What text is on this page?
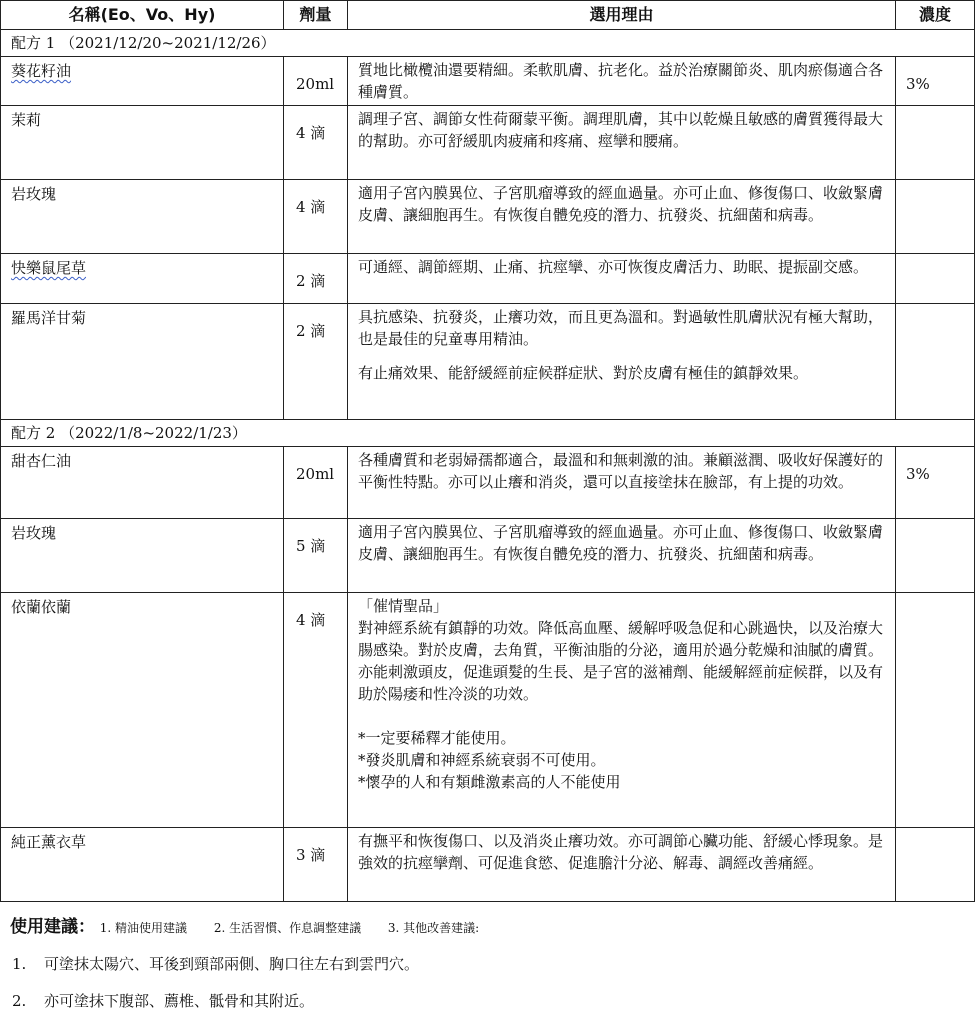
名稱(Eo、Vo、Hy)	劑量	選用理由	濃度
配方 1 （2021/12/20~2021/12/26）			
葵花籽油	20ml	質地比橄欖油還要精細。柔軟肌膚、抗老化。益於治療關節炎、肌肉瘀傷適合各種膚質。	3%
茉莉	4 滴	調理子宮、調節女性荷爾蒙平衡。調理肌膚，其中以乾燥且敏感的膚質獲得最大的幫助。亦可舒緩肌肉疲痛和疼痛、痙攣和腰痛。	

岩玫瑰	4 滴	適用子宮內膜異位、子宮肌瘤導致的經血過量。亦可止血、修復傷口、收斂緊膚皮膚、讓細胞再生。有恢復自體免疫的潛力、抗發炎、抗細菌和病毒。	

快樂鼠尾草	2 滴	可通經、調節經期、止痛、抗痙攣、亦可恢復皮膚活力、助眠、提振副交感。	

羅馬洋甘菊	2 滴	具抗感染、抗發炎，止癢功效，而且更為溫和。對過敏性肌膚狀況有極大幫助，也是最佳的兒童專用精油。
有止痛效果、能舒緩經前症候群症狀、對於皮膚有極佳的鎮靜效果。	

配方 2 （2022/1/8~2022/1/23）			
甜杏仁油	20ml	各種膚質和老弱婦孺都適合，最溫和和無刺激的油。兼顧滋潤、吸收好保護好的平衡性特點。亦可以止癢和消炎，還可以直接塗抹在臉部，有上提的功效。	3%
岩玫瑰	5 滴	適用子宮內膜異位、子宮肌瘤導致的經血過量。亦可止血、修復傷口、收斂緊膚皮膚、讓細胞再生。有恢復自體免疫的潛力、抗發炎、抗細菌和病毒。	

依蘭依蘭	4 滴	「催情聖品」
對神經系統有鎮靜的功效。降低高血壓、緩解呼吸急促和心跳過快，以及治療大腸感染。對於皮膚，去角質，平衡油脂的分泌，適用於過分乾燥和油膩的膚質。亦能刺激頭皮，促進頭髮的生長、是子宮的滋補劑、能緩解經前症候群，以及有助於陽痿和性冷淡的功效。
*一定要稀釋才能使用。
*發炎肌膚和神經系統衰弱不可使用。
*懷孕的人和有類雌激素高的人不能使用	

純正薰衣草	3 滴	有撫平和恢復傷口、以及消炎止癢功效。亦可調節心臟功能、舒緩心悸現象。是強效的抗痙攣劑、可促進食慾、促進膽汁分泌、解毒、調經改善痛經。	

使用建議： 1. 精油使用建議 2. 生活習慣、作息調整建議 3. 其他改善建議:
1. 可塗抹太陽穴、耳後到頸部兩側、胸口往左右到雲門穴。
2. 亦可塗抹下腹部、薦椎、骶骨和其附近。
